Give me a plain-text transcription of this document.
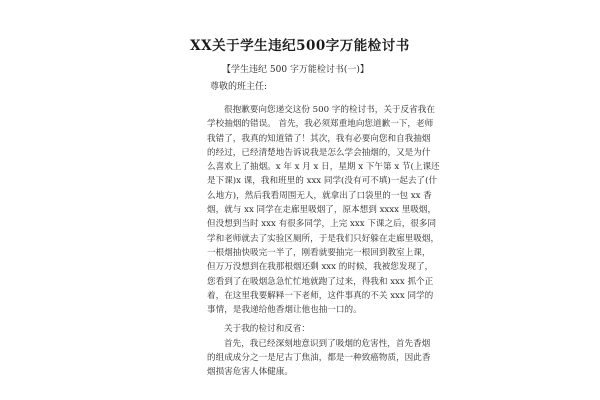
XX关于学生违纪500字万能检讨书
【学生违纪 500 字万能检讨书(一)】
尊敬的班主任:
很抱歉要向您递交这份 500 字的检讨书，关于反省我在
学校抽烟的错误。 首先，我必须郑重地向您道歉一下，老师
我错了，我真的知道错了！其次，我有必要向您和自我抽烟
的经过，已经清楚地告诉说我是怎么学会抽烟的，又是为什
么喜欢上了抽烟。x 年 x 月 x 日，星期 x 下午第 x 节(上课还
是下课)x 课，我和班里的 xxx 同学(没有可不填)一起去了(什
么地方)，然后我看周围无人，就拿出了口袋里的一包 xx 香
烟，就与 xx 同学在走廊里吸烟了，原本想到 xxxx 里吸烟，
但没想到当时 xxx 有很多同学，上完 xxx 下课之后，很多同
学和老师就去了实验区厕所，于是我们只好躲在走廊里吸烟，
一根烟抽快吸完一半了，刚看就要抽完一根回到教室上课，
但万万没想到在我那根烟还剩 xxx 的时候，我被您发现了，
您看到了在吸烟急急忙忙地就跑了过来，得我和 xxx 抓个正
着，在这里我要解释一下老师，这件事真的不关 xxx 同学的
事情，是我递给他香烟让他也抽一口的。
关于我的检讨和反省：
首先，我已经深刻地意识到了吸烟的危害性，首先香烟
的组成成分之一是尼古丁焦油，都是一种致癌物质，因此香
烟损害危害人体健康。
